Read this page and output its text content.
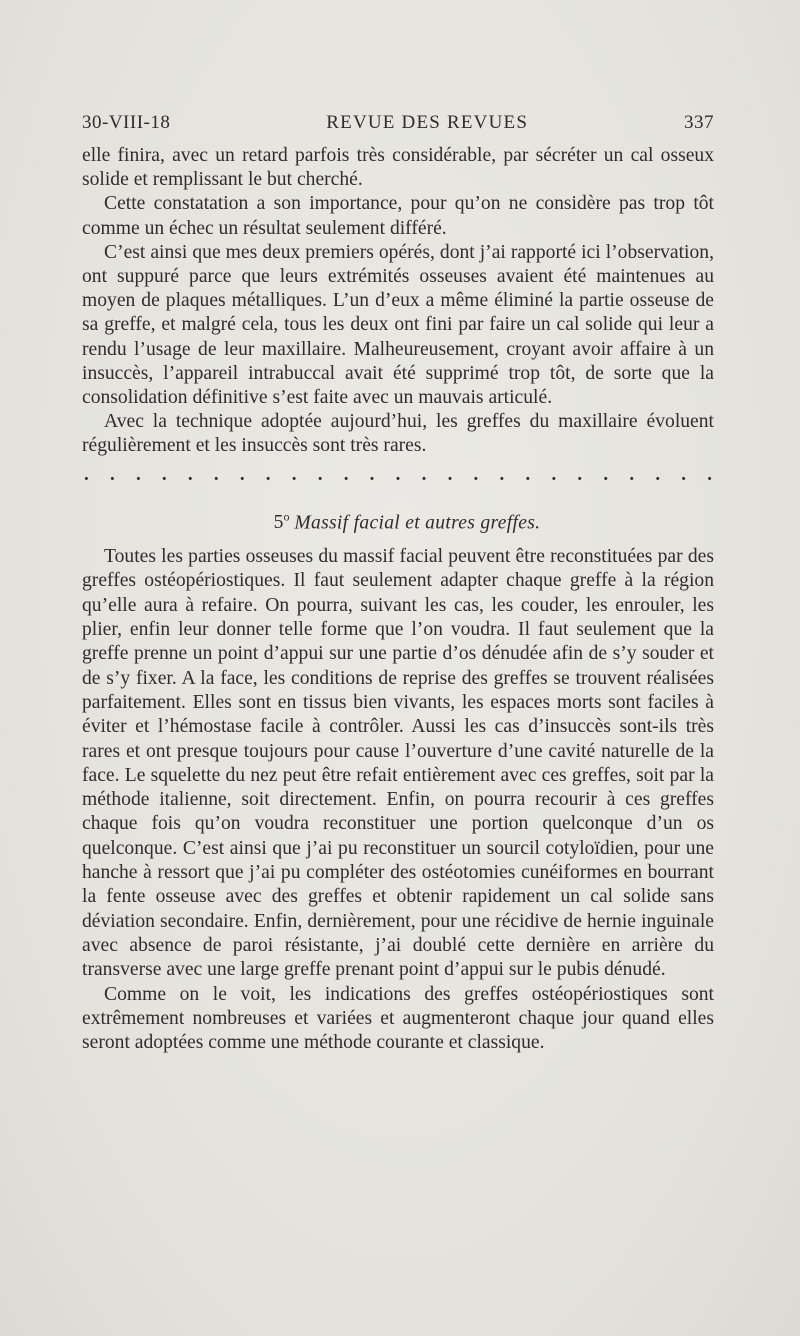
30-VIII-18	REVUE DES REVUES	337

elle finira, avec un retard parfois très considérable, par sécréter un cal osseux solide et remplissant le but cherché.

Cette constatation a son importance, pour qu’on ne considère pas trop tôt comme un échec un résultat seulement différé.

C’est ainsi que mes deux premiers opérés, dont j’ai rapporté ici l’observation, ont suppuré parce que leurs extrémités osseuses avaient été maintenues au moyen de plaques métalliques. L’un d’eux a même éliminé la partie osseuse de sa greffe, et malgré cela, tous les deux ont fini par faire un cal solide qui leur a rendu l’usage de leur maxillaire. Malheureusement, croyant avoir affaire à un insuccès, l’appareil intrabuccal avait été supprimé trop tôt, de sorte que la consolidation définitive s’est faite avec un mauvais articulé.

Avec la technique adoptée aujourd’hui, les greffes du maxillaire évoluent régulièrement et les insuccès sont très rares.

. . . . . . . . . . . . . . . . . . . . . . . . .
5$^o$ Massif facial et autres greffes.

Toutes les parties osseuses du massif facial peuvent être reconstituées par des greffes ostéopériostiques. Il faut seulement adapter chaque greffe à la région qu’elle aura à refaire. On pourra, suivant les cas, les couder, les enrouler, les plier, enfin leur donner telle forme que l’on voudra. Il faut seulement que la greffe prenne un point d’appui sur une partie d’os dénudée afin de s’y souder et de s’y fixer. A la face, les conditions de reprise des greffes se trouvent réalisées parfaitement. Elles sont en tissus bien vivants, les espaces morts sont faciles à éviter et l’hémostase facile à contrôler. Aussi les cas d’insuccès sont-ils très rares et ont presque toujours pour cause l’ouverture d’une cavité naturelle de la face. Le squelette du nez peut être refait entièrement avec ces greffes, soit par la méthode italienne, soit directement. Enfin, on pourra recourir à ces greffes chaque fois qu’on voudra reconstituer une portion quelconque d’un os quelconque. C’est ainsi que j’ai pu reconstituer un sourcil cotyloïdien, pour une hanche à ressort que j’ai pu compléter des ostéotomies cunéiformes en bourrant la fente osseuse avec des greffes et obtenir rapidement un cal solide sans déviation secondaire. Enfin, dernièrement, pour une récidive de hernie inguinale avec absence de paroi résistante, j’ai doublé cette dernière en arrière du transverse avec une large greffe prenant point d’appui sur le pubis dénudé.

Comme on le voit, les indications des greffes ostéopériostiques sont extrêmement nombreuses et variées et augmenteront chaque jour quand elles seront adoptées comme une méthode courante et classique.
